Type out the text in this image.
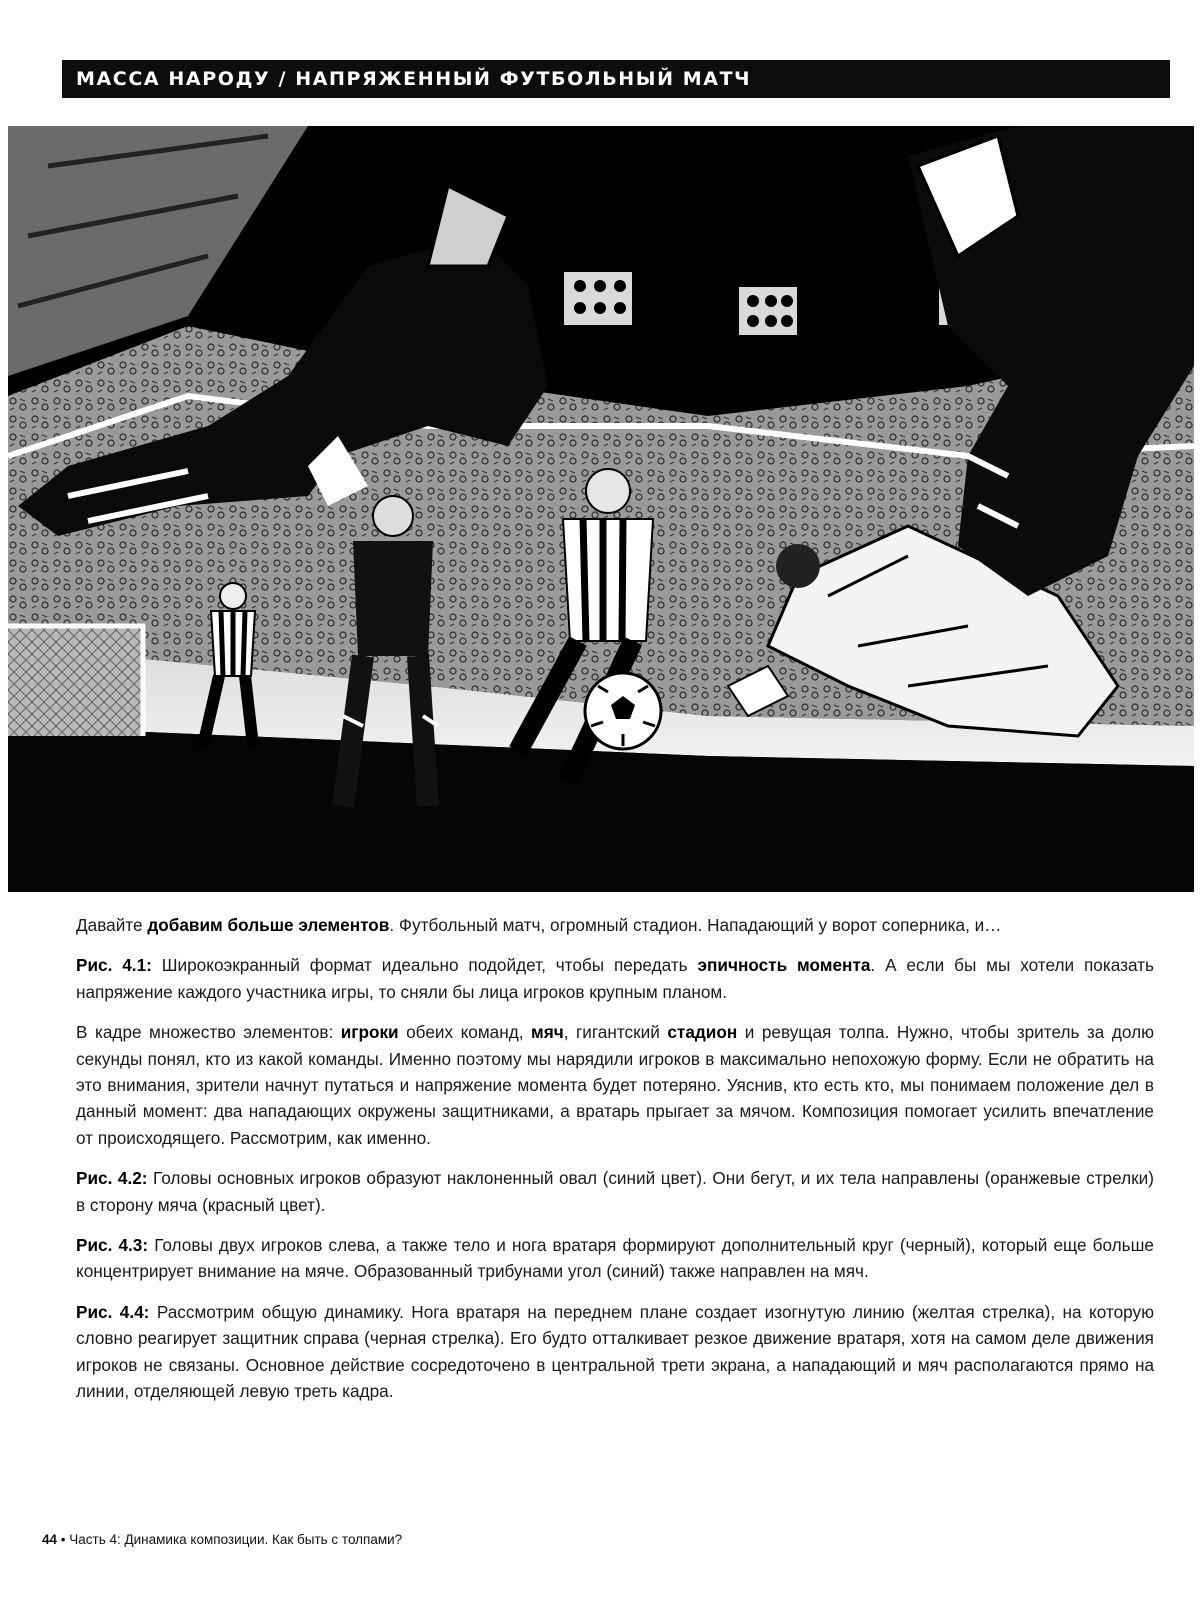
МАССА НАРОДУ / НАПРЯЖЕННЫЙ ФУТБОЛЬНЫЙ МАТЧ

Давайте добавим больше элементов. Футбольный матч, огромный стадион. Нападающий у ворот соперника, и…

Рис. 4.1: Широкоэкранный формат идеально подойдет, чтобы передать эпичность момента. А если бы мы хотели показать напряжение каждого участника игры, то сняли бы лица игроков крупным планом.

В кадре множество элементов: игроки обеих команд, мяч, гигантский стадион и ревущая толпа. Нужно, чтобы зритель за долю секунды понял, кто из какой команды. Именно поэтому мы нарядили игроков в максимально непохожую форму. Если не обратить на это внимания, зрители начнут путаться и напряжение момента будет потеряно. Уяснив, кто есть кто, мы понимаем положение дел в данный момент: два нападающих окружены защитниками, а вратарь прыгает за мячом. Композиция помогает усилить впечатление от происходящего. Рассмотрим, как именно.

Рис. 4.2: Головы основных игроков образуют наклоненный овал (синий цвет). Они бегут, и их тела направлены (оранжевые стрелки) в сторону мяча (красный цвет).

Рис. 4.3: Головы двух игроков слева, а также тело и нога вратаря формируют дополнительный круг (черный), который еще больше концентрирует внимание на мяче. Образованный трибунами угол (синий) также направлен на мяч.

Рис. 4.4: Рассмотрим общую динамику. Нога вратаря на переднем плане создает изогнутую линию (желтая стрелка), на которую словно реагирует защитник справа (черная стрелка). Его будто отталкивает резкое движение вратаря, хотя на самом деле движения игроков не связаны. Основное действие сосредоточено в центральной трети экрана, а нападающий и мяч располагаются прямо на линии, отделяющей левую треть кадра.

44 • Часть 4: Динамика композиции. Как быть с толпами?
